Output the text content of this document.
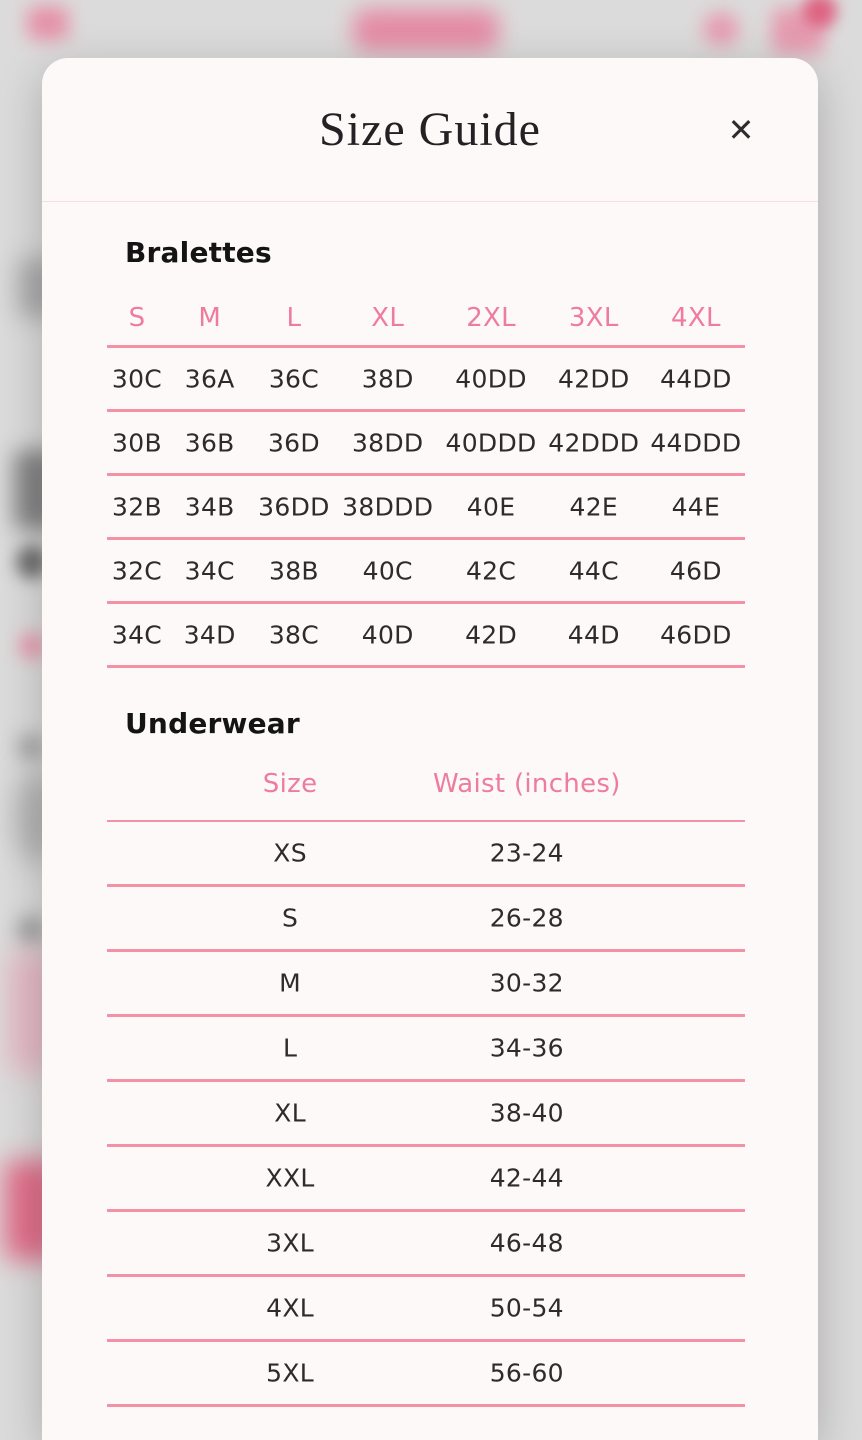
Size Guide	✕
Bralettes
S M	L	XL 2XL 3XL 4XL
30C 36A 36C 38D 40DD 42DD 44DD
30B 36B 36D 38DD 40DDD 42DDD 44DDD
32B 34B 36DD 38DDD 40E 42E 44E
32C 34C 38B 40C 42C 44C 46D
34C 34D 38C 40D 42D 44D 46DD
Underwear
Size	Waist (inches)
XS	23-24
S	26-28
M	30-32
L	34-36
XL	38-40
XXL	42-44
3XL	46-48
4XL	50-54
5XL	56-60
